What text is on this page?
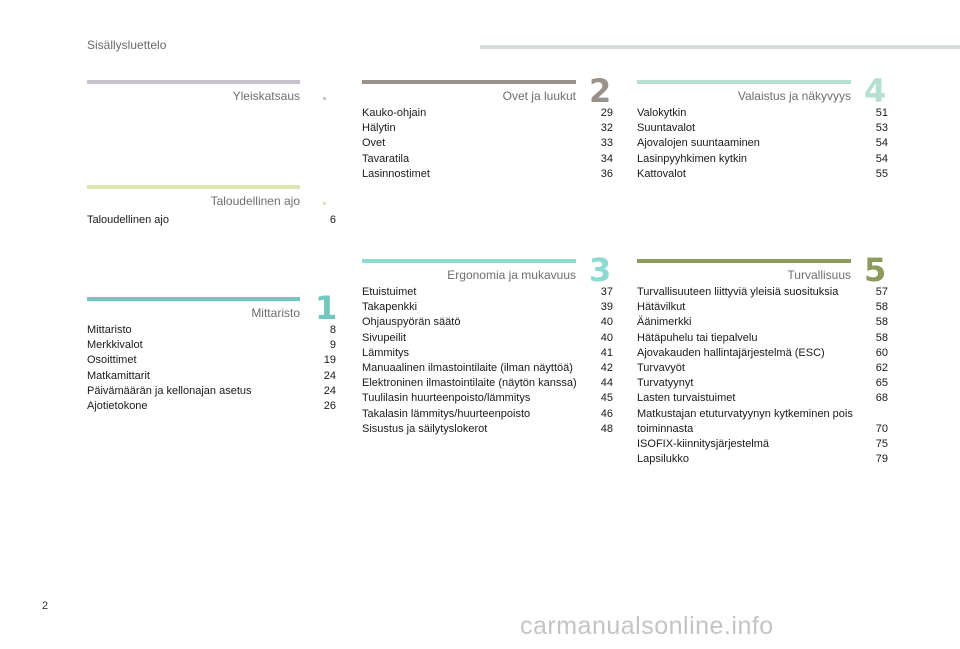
Sisällysluettelo
Yleiskatsaus
Taloudellinen ajo
Taloudellinen ajo	6
Mittaristo 1
Mittaristo	8
Merkkivalot	9
Osoittimet	19
Matkamittarit	24
Päivämäärän ja kellonajan asetus	24
Ajotietokone	26
Ovet ja luukut 2
Kauko-ohjain	29
Hälytin	32
Ovet	33
Tavaratila	34
Lasinnostimet	36
Ergonomia ja mukavuus 3
Etuistuimet	37
Takapenkki	39
Ohjauspyörän säätö	40
Sivupeilit	40
Lämmitys	41
Manuaalinen ilmastointilaite (ilman näyttöä)	42
Elektroninen ilmastointilaite (näytön kanssa)	44
Tuulilasin huurteenpoisto/lämmitys	45
Takalasin lämmitys/huurteenpoisto	46
Sisustus ja säilytyslokerot	48
Valaistus ja näkyvyys 4
Valokytkin	51
Suuntavalot	53
Ajovalojen suuntaaminen	54
Lasinpyyhkimen kytkin	54
Kattovalot	55
Turvallisuus 5
Turvallisuuteen liittyviä yleisiä suosituksia	57
Hätävilkut	58
Äänimerkki	58
Hätäpuhelu tai tiepalvelu	58
Ajovakauden hallintajärjestelmä (ESC)	60
Turvavyöt	62
Turvatyynyt	65
Lasten turvaistuimet	68
Matkustajan etuturvatyynyn kytkeminen pois toiminnasta	70
ISOFIX-kiinnitysjärjestelmä	75
Lapsilukko	79
2
carmanualsonline.info
